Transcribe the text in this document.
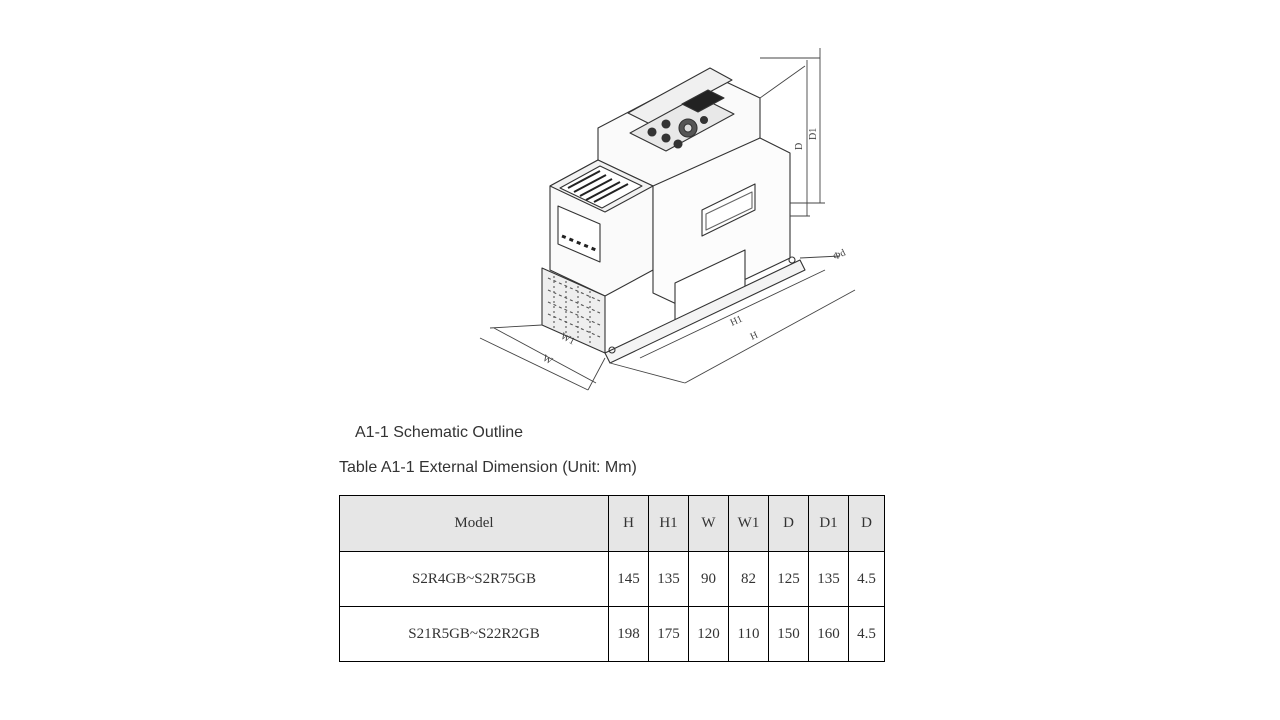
W
W1
H1
H
D
D1
Φd
A1-1 Schematic Outline
Table A1-1 External Dimension (Unit: Mm)
Model	H	H1	W	W1	D	D1	D
S2R4GB~S2R75GB	145	135	90	82	125	135	4.5
S21R5GB~S22R2GB	198	175	120	110	150	160	4.5
